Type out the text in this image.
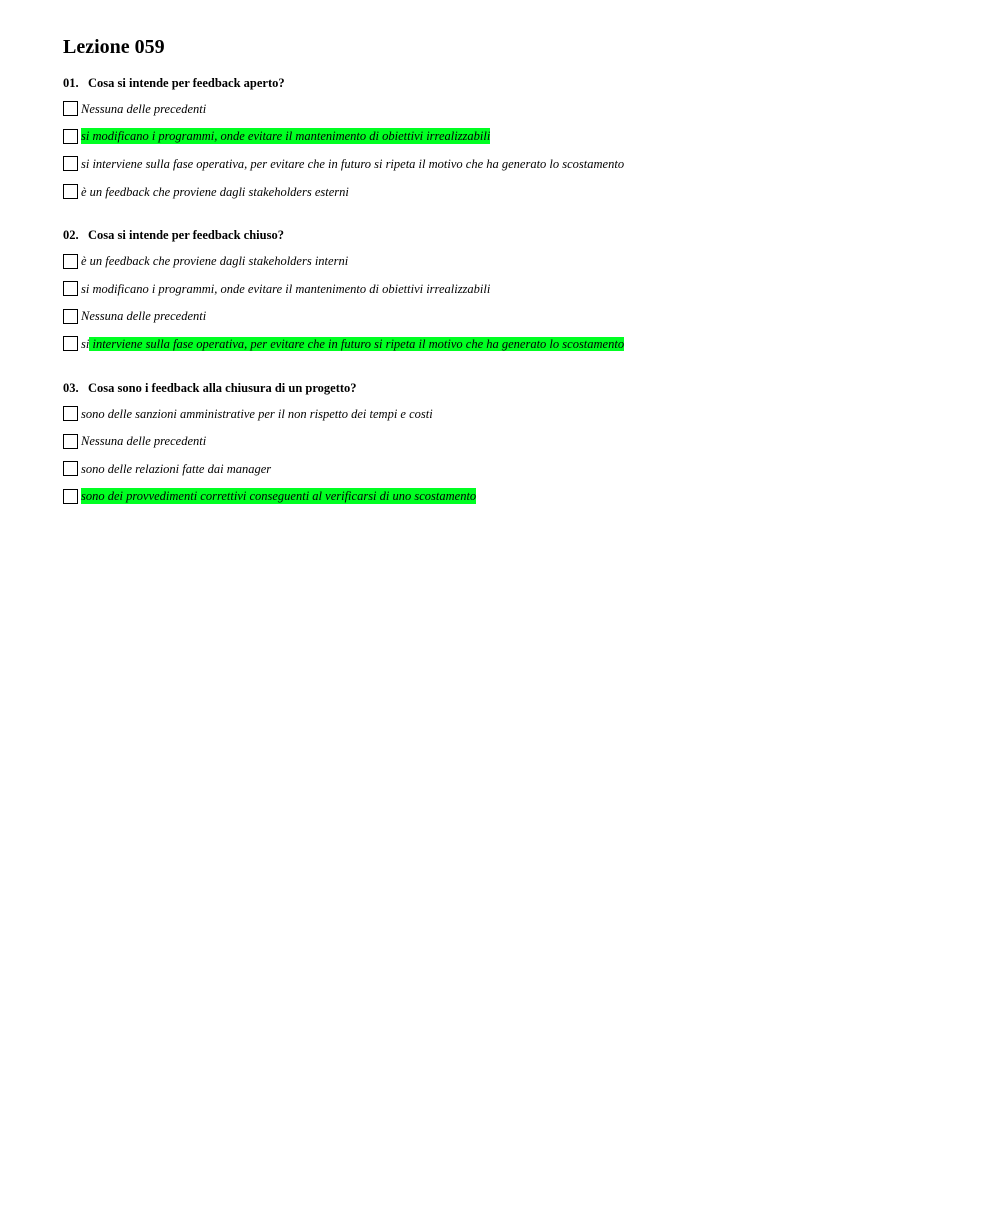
Lezione 059
01. Cosa si intende per feedback aperto?
Nessuna delle precedenti
si modificano i programmi, onde evitare il mantenimento di obiettivi irrealizzabili
si interviene sulla fase operativa, per evitare che in futuro si ripeta il motivo che ha generato lo scostamento
è un feedback che proviene dagli stakeholders esterni
02. Cosa si intende per feedback chiuso?
è un feedback che proviene dagli stakeholders interni
si modificano i programmi, onde evitare il mantenimento di obiettivi irrealizzabili
Nessuna delle precedenti
si interviene sulla fase operativa, per evitare che in futuro si ripeta il motivo che ha generato lo scostamento
03. Cosa sono i feedback alla chiusura di un progetto?
sono delle sanzioni amministrative per il non rispetto dei tempi e costi
Nessuna delle precedenti
sono delle relazioni fatte dai manager
sono dei provvedimenti correttivi conseguenti al verificarsi di uno scostamento
